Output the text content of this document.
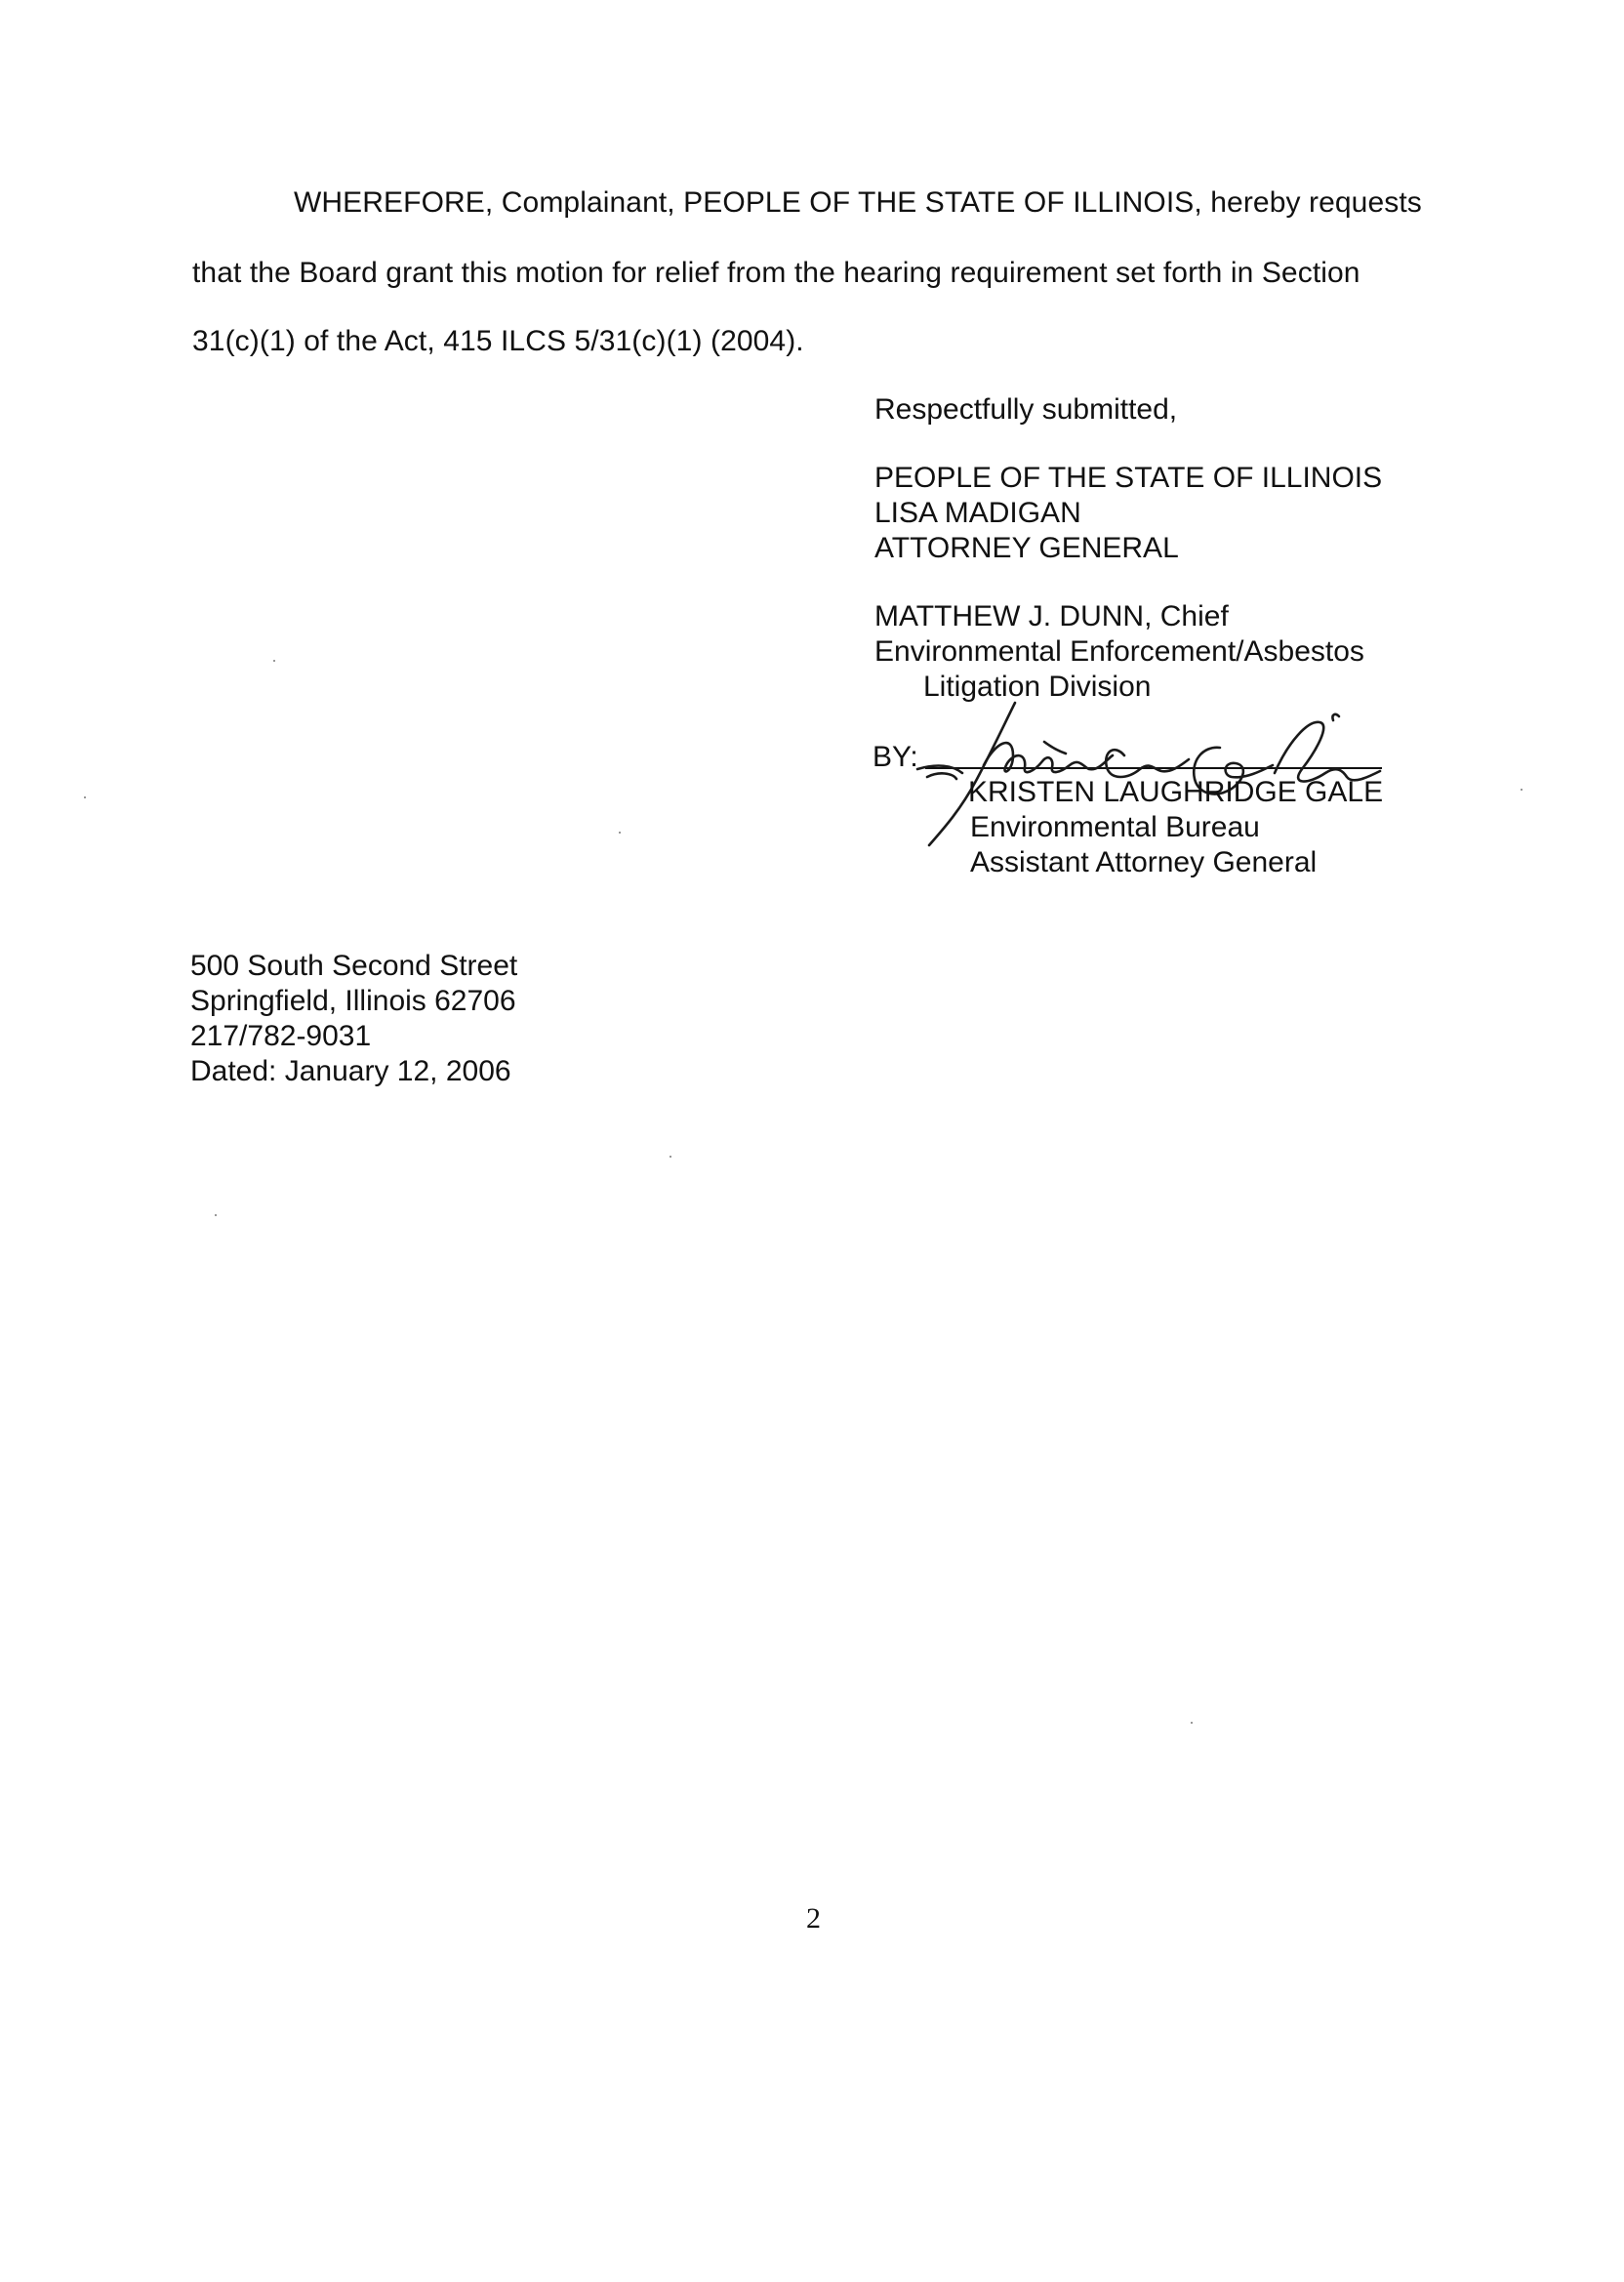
WHEREFORE, Complainant, PEOPLE OF THE STATE OF ILLINOIS, hereby requests
that the Board grant this motion for relief from the hearing requirement set forth in Section
31(c)(1) of the Act, 415 ILCS 5/31(c)(1) (2004).
Respectfully submitted,
PEOPLE OF THE STATE OF ILLINOIS
LISA MADIGAN
ATTORNEY GENERAL
MATTHEW J. DUNN, Chief
Environmental Enforcement/Asbestos
Litigation Division
BY:
KRISTEN LAUGHRIDGE GALE
Environmental Bureau
Assistant Attorney General
500 South Second Street
Springfield, Illinois 62706
217/782-9031
Dated: January 12, 2006
2
